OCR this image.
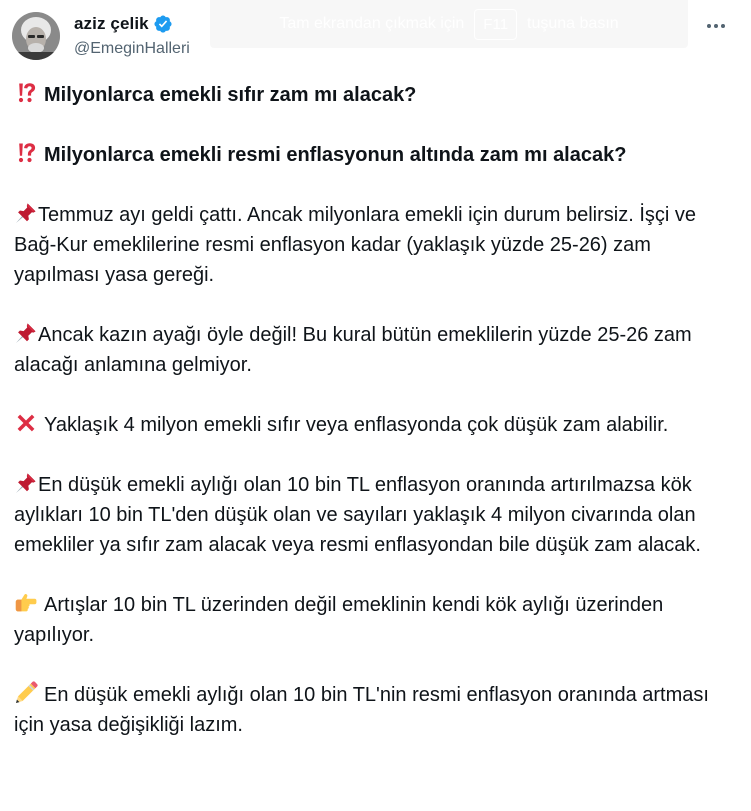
aziz çelik
@EmeginHalleri
Tam ekrandan çıkmak için	F11	tuşuna basın
Milyonlarca emekli sıfır zam mı alacak?
Milyonlarca emekli resmi enflasyonun altında zam mı alacak?
Temmuz ayı geldi çattı. Ancak milyonlara emekli için durum belirsiz. İşçi ve Bağ-Kur emeklilerine resmi enflasyon kadar (yaklaşık yüzde 25-26) zam yapılması yasa gereği.
Ancak kazın ayağı öyle değil! Bu kural bütün emeklilerin yüzde 25-26 zam alacağı anlamına gelmiyor.
Yaklaşık 4 milyon emekli sıfır veya enflasyonda çok düşük zam alabilir.
En düşük emekli aylığı olan 10 bin TL enflasyon oranında artırılmazsa kök aylıkları 10 bin TL'den düşük olan ve sayıları yaklaşık 4 milyon civarında olan emekliler ya sıfır zam alacak veya resmi enflasyondan bile düşük zam alacak.
Artışlar 10 bin TL üzerinden değil emeklinin kendi kök aylığı üzerinden yapılıyor.
En düşük emekli aylığı olan 10 bin TL'nin resmi enflasyon oranında artması için yasa değişikliği lazım.
